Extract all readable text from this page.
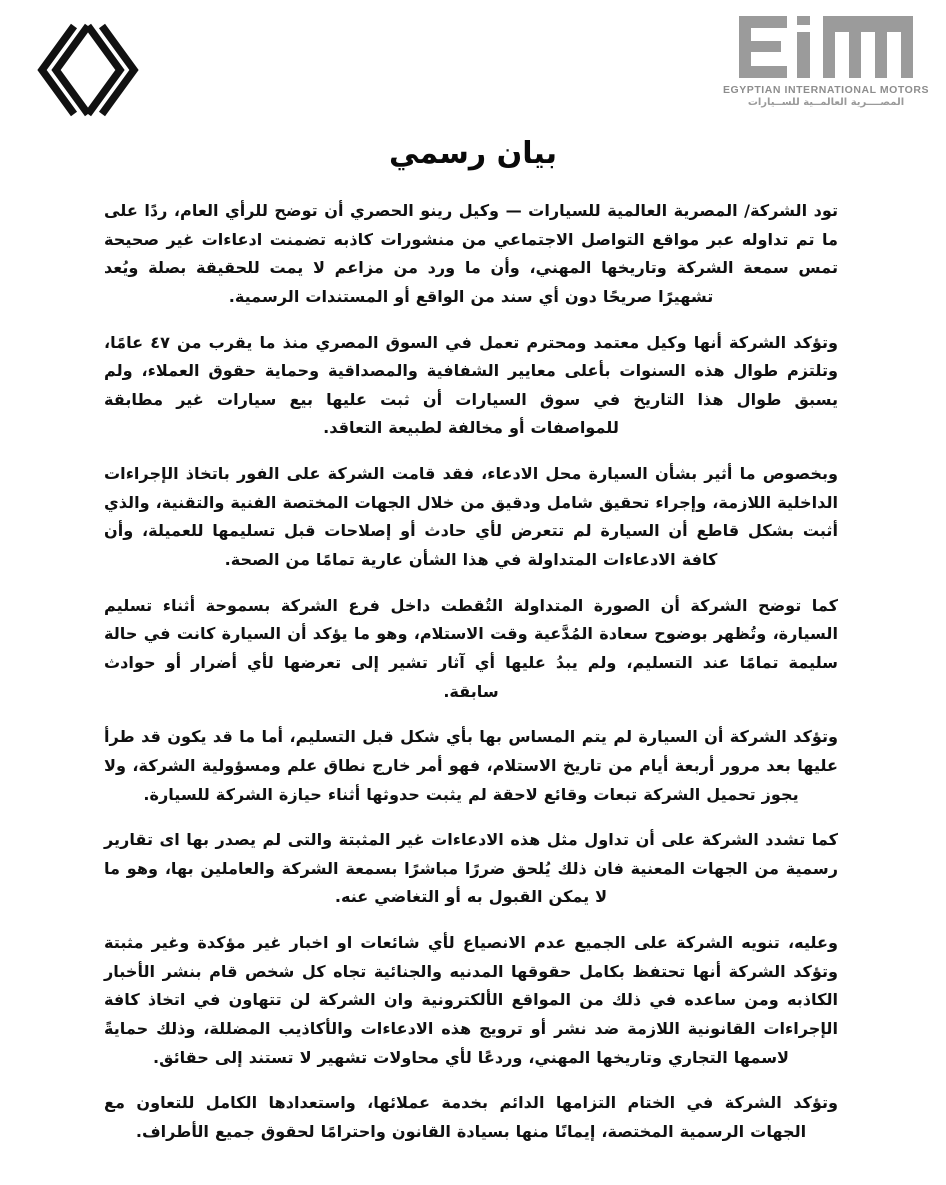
EGYPTIAN INTERNATIONAL MOTORS
المصــــرية العالمــية للســيارات
بيان رسمي

تود الشركة/ المصرية العالمية للسيارات — وكيل رينو الحصري أن توضح للرأي العام، ردًا على ما تم تداوله عبر مواقع التواصل الاجتماعي من منشورات كاذبه تضمنت ادعاءات غير صحيحة تمس سمعة الشركة وتاريخها المهني، وأن ما ورد من مزاعم لا يمت للحقيقة بصلة ويُعد تشهيرًا صريحًا دون أي سند من الواقع أو المستندات الرسمية.

وتؤكد الشركة أنها وكيل معتمد ومحترم تعمل في السوق المصري منذ ما يقرب من ٤٧ عامًا، وتلتزم طوال هذه السنوات بأعلى معايير الشفافية والمصداقية وحماية حقوق العملاء، ولم يسبق طوال هذا التاريخ في سوق السيارات أن ثبت عليها بيع سيارات غير مطابقة للمواصفات أو مخالفة لطبيعة التعاقد.

وبخصوص ما أثير بشأن السيارة محل الادعاء، فقد قامت الشركة على الفور باتخاذ الإجراءات الداخلية اللازمة، وإجراء تحقيق شامل ودقيق من خلال الجهات المختصة الفنية والتقنية، والذي أثبت بشكل قاطع أن السيارة لم تتعرض لأي حادث أو إصلاحات قبل تسليمها للعميلة، وأن كافة الادعاءات المتداولة في هذا الشأن عارية تمامًا من الصحة.

كما توضح الشركة أن الصورة المتداولة التُقطت داخل فرع الشركة بسموحة أثناء تسليم السيارة، وتُظهر بوضوح سعادة المُدَّعية وقت الاستلام، وهو ما يؤكد أن السيارة كانت في حالة سليمة تمامًا عند التسليم، ولم يبدُ عليها أي آثار تشير إلى تعرضها لأي أضرار أو حوادث سابقة.

وتؤكد الشركة أن السيارة لم يتم المساس بها بأي شكل قبل التسليم، أما ما قد يكون قد طرأ عليها بعد مرور أربعة أيام من تاريخ الاستلام، فهو أمر خارج نطاق علم ومسؤولية الشركة، ولا يجوز تحميل الشركة تبعات وقائع لاحقة لم يثبت حدوثها أثناء حيازة الشركة للسيارة.

كما تشدد الشركة على أن تداول مثل هذه الادعاءات غير المثبتة والتى لم يصدر بها اى تقارير رسمية من الجهات المعنية فان ذلك يُلحق ضررًا مباشرًا بسمعة الشركة والعاملين بها، وهو ما لا يمكن القبول به أو التغاضي عنه.

وعليه، تنويه الشركة على الجميع عدم الانصياع لأي شائعات او اخبار غير مؤكدة وغير مثبتة وتؤكد الشركة أنها تحتفظ بكامل حقوقها المدنيه والجنائية تجاه كل شخص قام بنشر الأخبار الكاذبه ومن ساعده في ذلك من المواقع الألكترونية وان الشركة لن تتهاون في اتخاذ كافة الإجراءات القانونية اللازمة ضد نشر أو ترويج هذه الادعاءات والأكاذيب المضللة، وذلك حمايةً لاسمها التجاري وتاريخها المهني، وردعًا لأي محاولات تشهير لا تستند إلى حقائق.

وتؤكد الشركة في الختام التزامها الدائم بخدمة عملائها، واستعدادها الكامل للتعاون مع الجهات الرسمية المختصة، إيمانًا منها بسيادة القانون واحترامًا لحقوق جميع الأطراف.
